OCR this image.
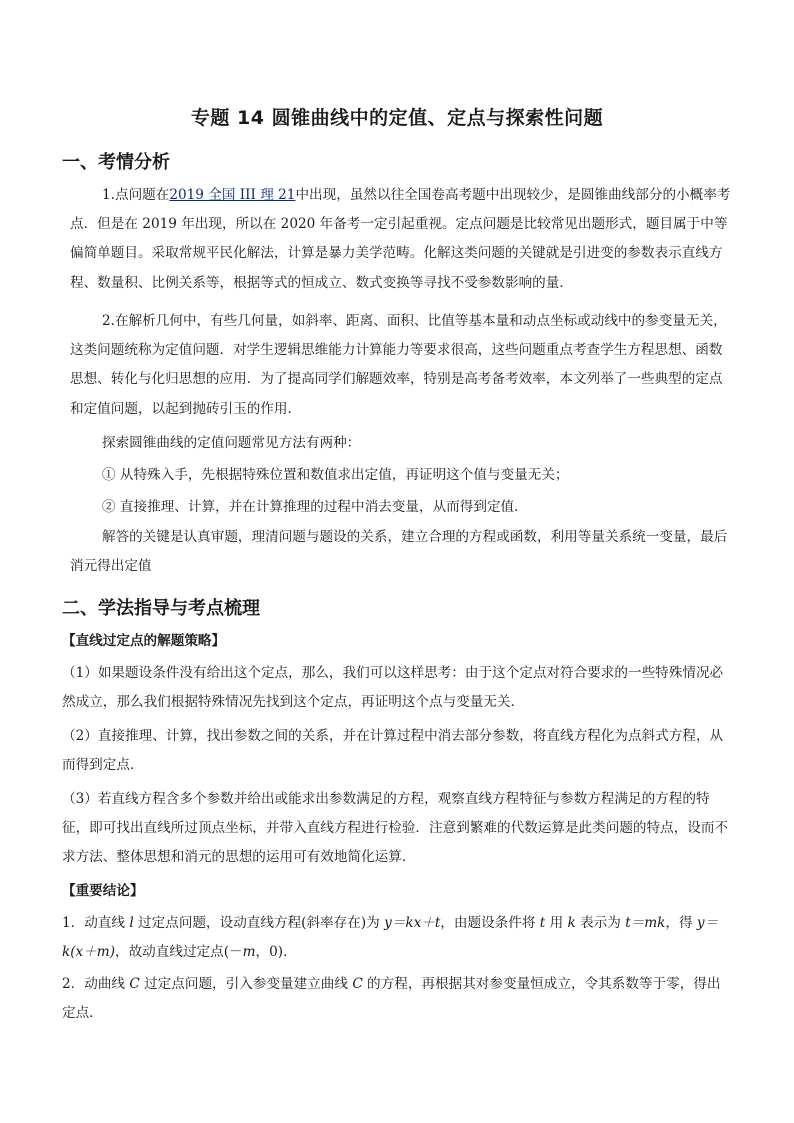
专题 14 圆锥曲线中的定值、定点与探索性问题
一、考情分析
1.点问题在2019 全国 III 理 21中出现，虽然以往全国卷高考题中出现较少，是圆锥曲线部分的小概率考点．但是在 2019 年出现，所以在 2020 年备考一定引起重视。定点问题是比较常见出题形式，题目属于中等偏简单题目。采取常规平民化解法，计算是暴力美学范畴。化解这类问题的关键就是引进变的参数表示直线方程、数量积、比例关系等，根据等式的恒成立、数式变换等寻找不受参数影响的量．
2.在解析几何中，有些几何量，如斜率、距离、面积、比值等基本量和动点坐标或动线中的参变量无关，这类问题统称为定值问题．对学生逻辑思维能力计算能力等要求很高，这些问题重点考查学生方程思想、函数思想、转化与化归思想的应用．为了提高同学们解题效率，特别是高考备考效率，本文列举了一些典型的定点和定值问题，以起到抛砖引玉的作用．
探索圆锥曲线的定值问题常见方法有两种：
① 从特殊入手，先根据特殊位置和数值求出定值，再证明这个值与变量无关；
② 直接推理、计算，并在计算推理的过程中消去变量，从而得到定值．
解答的关键是认真审题，理清问题与题设的关系，建立合理的方程或函数，利用等量关系统一变量，最后消元得出定值
二、学法指导与考点梳理
【直线过定点的解题策略】
（1）如果题设条件没有给出这个定点，那么，我们可以这样思考：由于这个定点对符合要求的一些特殊情况必然成立，那么我们根据特殊情况先找到这个定点，再证明这个点与变量无关．
（2）直接推理、计算，找出参数之间的关系，并在计算过程中消去部分参数，将直线方程化为点斜式方程，从而得到定点．
（3）若直线方程含多个参数并给出或能求出参数满足的方程，观察直线方程特征与参数方程满足的方程的特征，即可找出直线所过顶点坐标，并带入直线方程进行检验．注意到繁难的代数运算是此类问题的特点，设而不求方法、整体思想和消元的思想的运用可有效地简化运算．
【重要结论】
1．动直线 l 过定点问题，设动直线方程(斜率存在)为 y＝kx＋t，由题设条件将 t 用 k 表示为 t＝mk，得 y＝k(x＋m)，故动直线过定点(－m，0)．
2．动曲线 C 过定点问题，引入参变量建立曲线 C 的方程，再根据其对参变量恒成立，令其系数等于零，得出定点．
